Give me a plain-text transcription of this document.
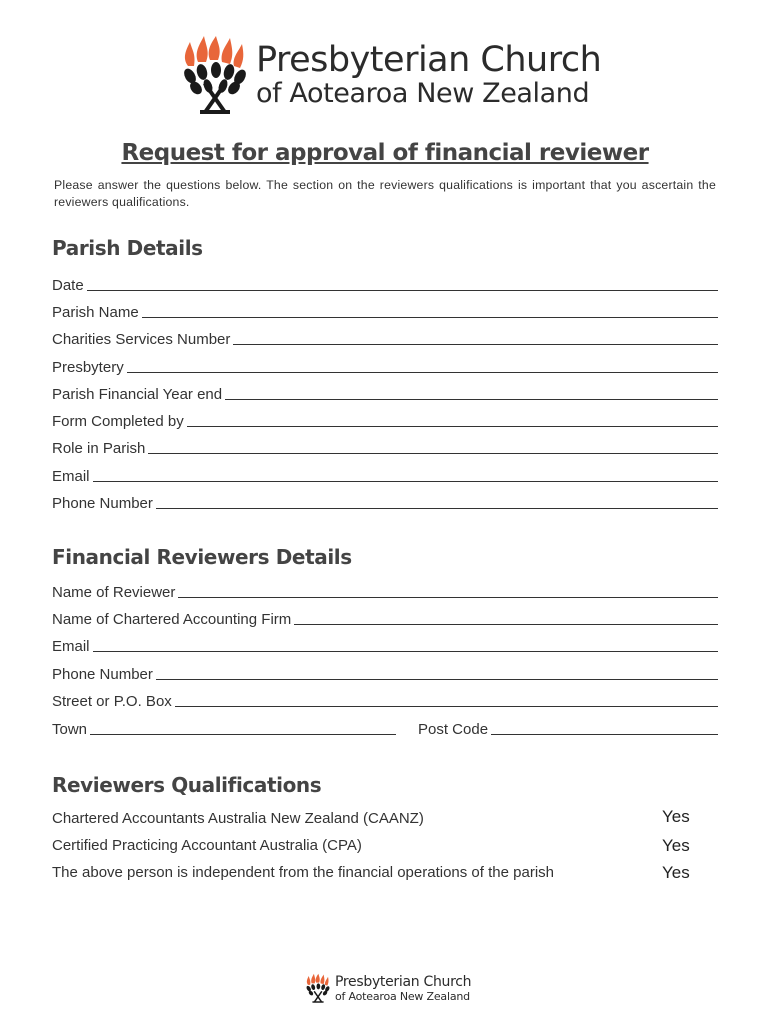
Presbyterian Church
of Aotearoa New Zealand
Request for approval of financial reviewer
Please answer the questions below. The section on the reviewers qualifications is important that you ascertain the reviewers qualifications.
Parish Details
Date
Parish Name
Charities Services Number
Presbytery
Parish Financial Year end
Form Completed by
Role in Parish
Email
Phone Number
Financial Reviewers Details
Name of Reviewer
Name of Chartered Accounting Firm
Email
Phone Number
Street or P.O. Box
Town	Post Code
Reviewers Qualifications
Chartered Accountants Australia New Zealand (CAANZ)	Yes
Certified Practicing Accountant Australia (CPA)	Yes
The above person is independent from the financial operations of the parish	Yes
Presbyterian Church
of Aotearoa New Zealand
